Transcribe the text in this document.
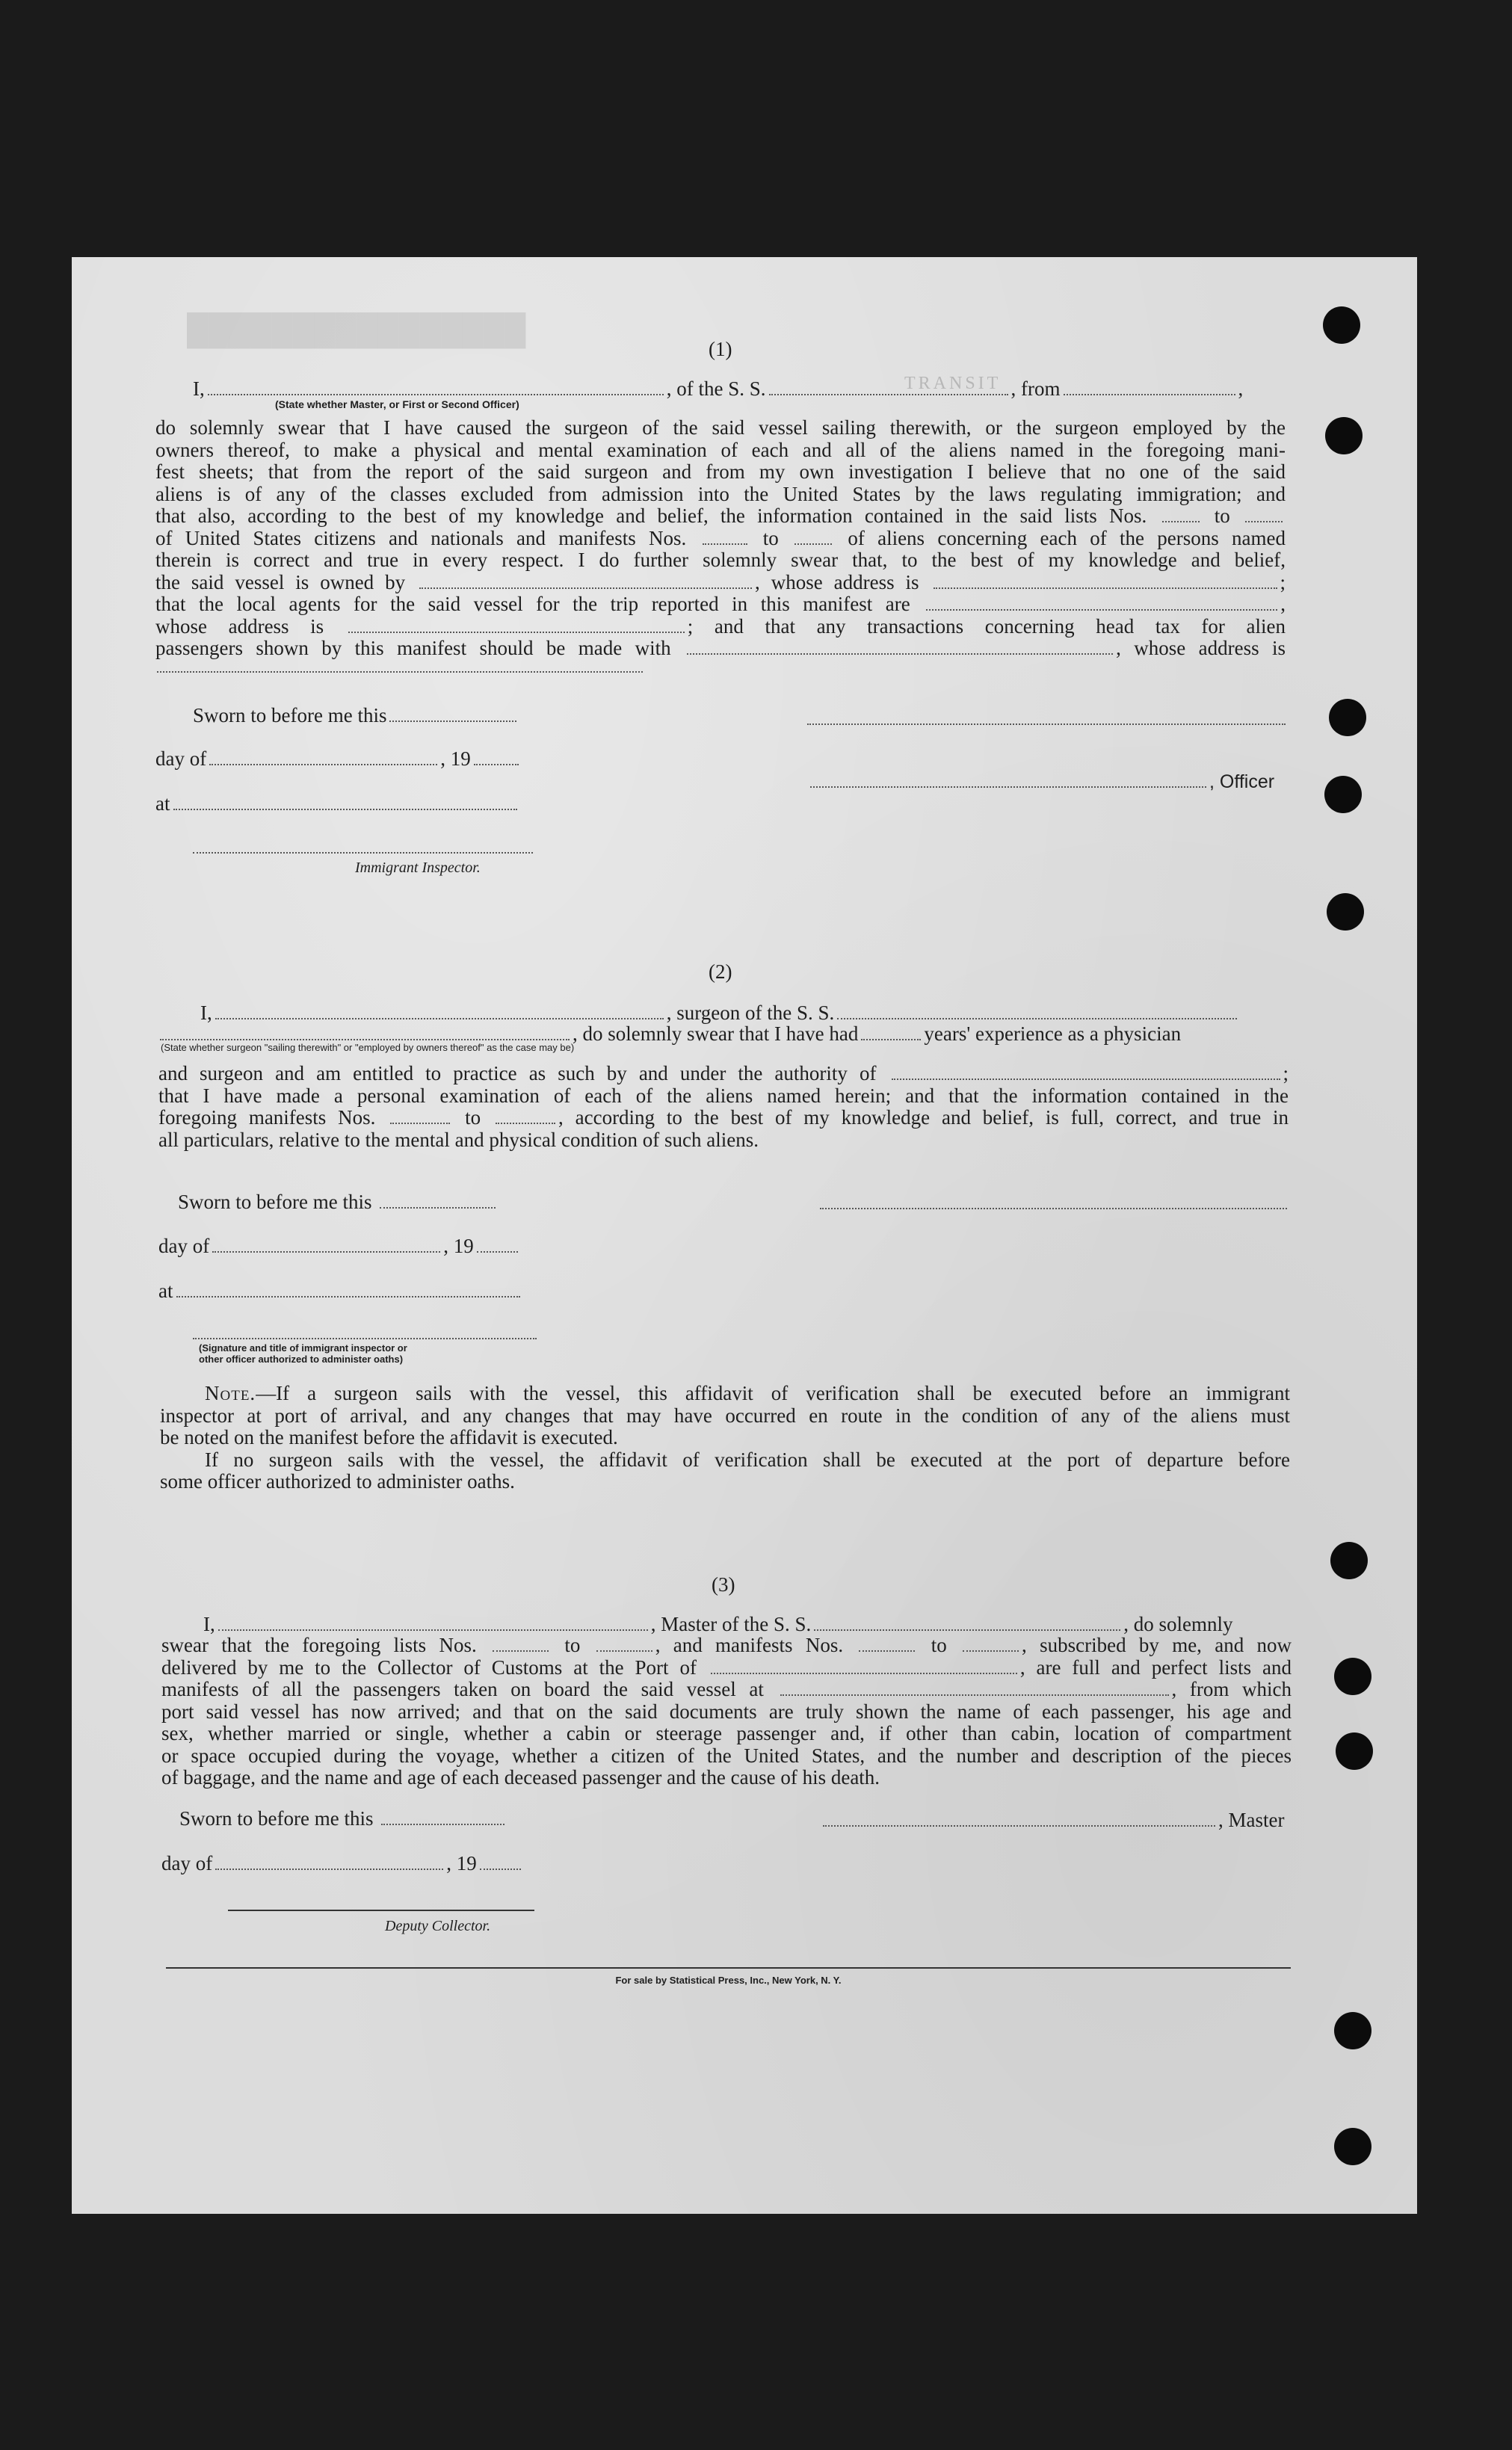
████████████████
(1)
I,	, of the S. S.	, from	,
TRANSIT
(State whether Master, or First or Second Officer)
do solemnly swear that I have caused the surgeon of the said vessel sailing therewith, or the surgeon employed by the
owners thereof, to make a physical and mental examination of each and all of the aliens named in the foregoing mani-
fest sheets; that from the report of the said surgeon and from my own investigation I believe that no one of the said
aliens is of any of the classes excluded from admission into the United States by the laws regulating immigration; and
that also, according to the best of my knowledge and belief, the information contained in the said lists Nos.	to
of United States citizens and nationals and manifests Nos.	to	of aliens concerning each of the persons named
therein is correct and true in every respect. I do further solemnly swear that, to the best of my knowledge and belief,
the said vessel is owned by	, whose address is	;
that the local agents for the said vessel for the trip reported in this manifest are	,
whose address is	; and that any transactions concerning head tax for alien
passengers shown by this manifest should be made with	, whose address is
Sworn to before me this
day of	, 19
at
Immigrant Inspector.
, Officer
(2)
I,	, surgeon of the S. S.
, do solemnly swear that I have had	years' experience as a physician
(State whether surgeon "sailing therewith" or "employed by owners thereof" as the case may be)
and surgeon and am entitled to practice as such by and under the authority of	;
that I have made a personal examination of each of the aliens named herein; and that the information contained in the
foregoing manifests Nos.	to	, according to the best of my knowledge and belief, is full, correct, and true in
all particulars, relative to the mental and physical condition of such aliens.
Sworn to before me this
day of	, 19
at
(Signature and title of immigrant inspector or
other officer authorized to administer oaths)
Note.—If a surgeon sails with the vessel, this affidavit of verification shall be executed before an immigrant
inspector at port of arrival, and any changes that may have occurred en route in the condition of any of the aliens must
be noted on the manifest before the affidavit is executed.
If no surgeon sails with the vessel, the affidavit of verification shall be executed at the port of departure before
some officer authorized to administer oaths.
(3)
I,	, Master of the S. S.	, do solemnly
swear that the foregoing lists Nos.	to	, and manifests Nos.	to	, subscribed by me, and now
delivered by me to the Collector of Customs at the Port of	, are full and perfect lists and
manifests of all the passengers taken on board the said vessel at	, from which
port said vessel has now arrived; and that on the said documents are truly shown the name of each passenger, his age and
sex, whether married or single, whether a cabin or steerage passenger and, if other than cabin, location of compartment
or space occupied during the voyage, whether a citizen of the United States, and the number and description of the pieces
of baggage, and the name and age of each deceased passenger and the cause of his death.
Sworn to before me this	, Master
day of	, 19
Deputy Collector.
For sale by Statistical Press, Inc., New York, N. Y.
